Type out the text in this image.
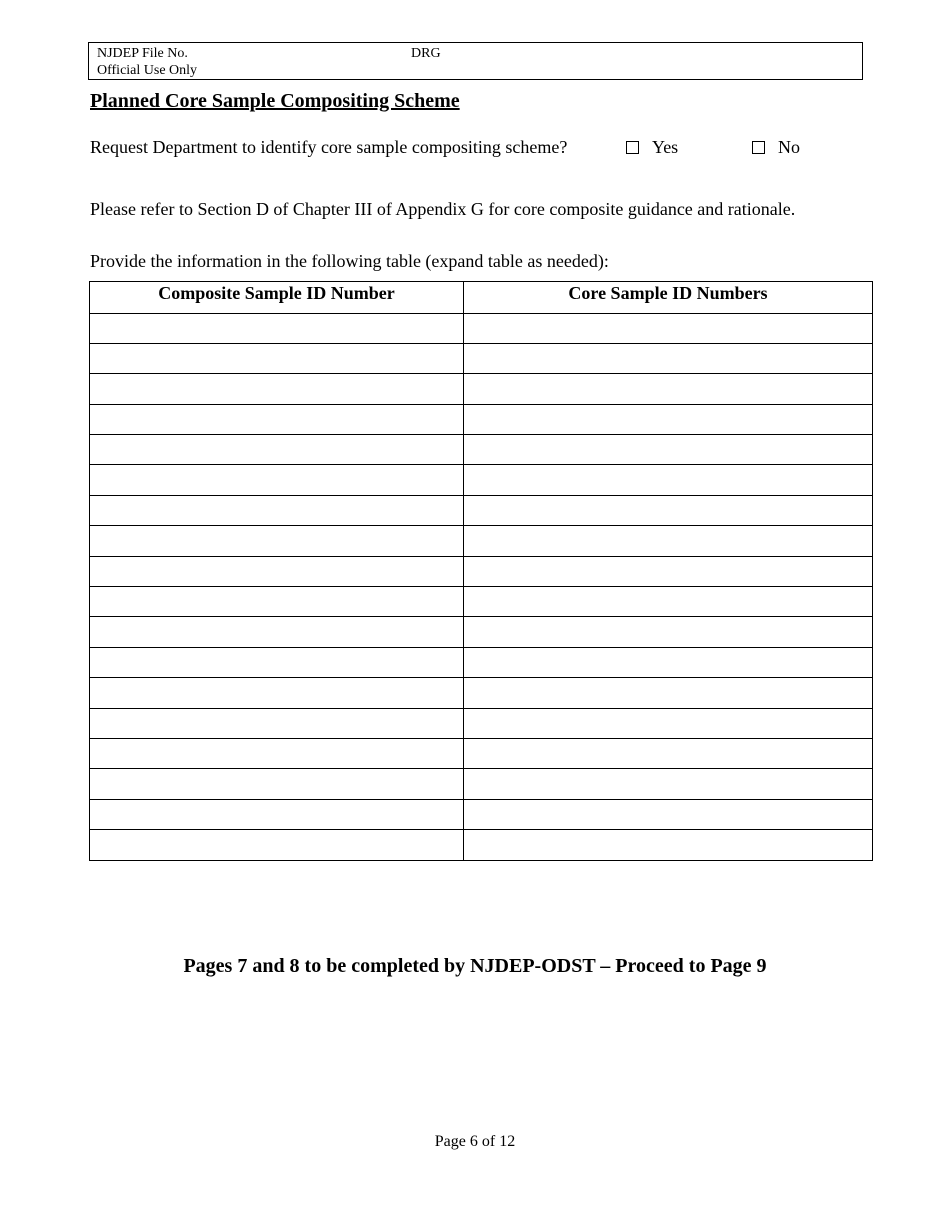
NJDEP File No.	DRG
Official Use Only
Planned Core Sample Compositing Scheme
Request Department to identify core sample compositing scheme?	Yes	No
Please refer to Section D of Chapter III of Appendix G for core composite guidance and rationale.
Provide the information in the following table (expand table as needed):
Composite Sample ID Number	Core Sample ID Numbers

Pages 7 and 8 to be completed by NJDEP-ODST – Proceed to Page 9
Page 6 of 12
